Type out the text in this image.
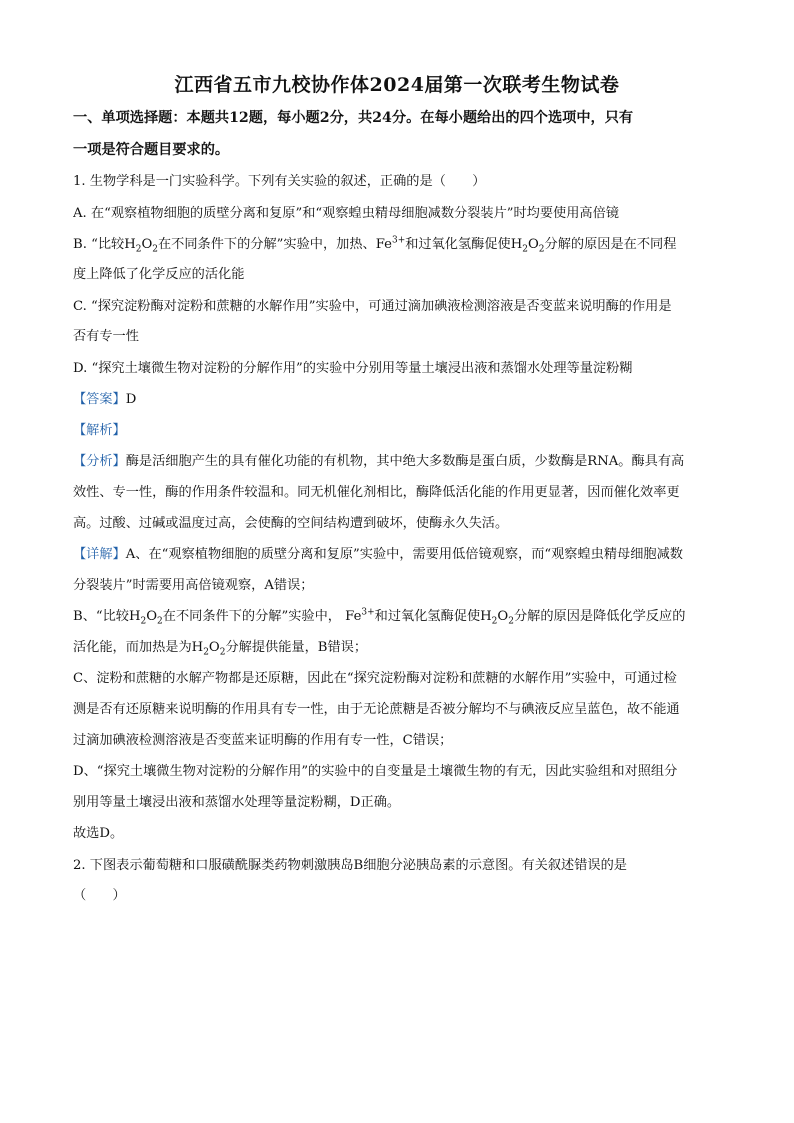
江西省五市九校协作体2024届第一次联考生物试卷
一、单项选择题：本题共12题，每小题2分，共24分。在每小题给出的四个选项中，只有
一项是符合题目要求的。
1. 生物学科是一门实验科学。下列有关实验的叙述，正确的是（　　）
A. 在“观察植物细胞的质壁分离和复原”和“观察蝗虫精母细胞减数分裂装片”时均要使用高倍镜
B. “比较$H_2O_2$在不同条件下的分解”实验中，加热、$Fe^{3+}$和过氧化氢酶促使$H_2O_2$分解的原因是在不同程
度上降低了化学反应的活化能
C. “探究淀粉酶对淀粉和蔗糖的水解作用”实验中，可通过滴加碘液检测溶液是否变蓝来说明酶的作用是
否有专一性
D. “探究土壤微生物对淀粉的分解作用”的实验中分别用等量土壤浸出液和蒸馏水处理等量淀粉糊
【答案】D
【解析】
【分析】酶是活细胞产生的具有催化功能的有机物，其中绝大多数酶是蛋白质，少数酶是RNA。酶具有高
效性、专一性，酶的作用条件较温和。同无机催化剂相比，酶降低活化能的作用更显著，因而催化效率更
高。过酸、过碱或温度过高，会使酶的空间结构遭到破坏，使酶永久失活。
【详解】A、在“观察植物细胞的质壁分离和复原”实验中，需要用低倍镜观察，而“观察蝗虫精母细胞减数
分裂装片”时需要用高倍镜观察，A错误；
B、“比较$H_2O_2$在不同条件下的分解”实验中， $Fe^{3+}$和过氧化氢酶促使$H_2O_2$分解的原因是降低化学反应的
活化能，而加热是为$H_2O_2$分解提供能量，B错误；
C、淀粉和蔗糖的水解产物都是还原糖，因此在“探究淀粉酶对淀粉和蔗糖的水解作用”实验中，可通过检
测是否有还原糖来说明酶的作用具有专一性，由于无论蔗糖是否被分解均不与碘液反应呈蓝色，故不能通
过滴加碘液检测溶液是否变蓝来证明酶的作用有专一性，C错误；
D、“探究土壤微生物对淀粉的分解作用”的实验中的自变量是土壤微生物的有无，因此实验组和对照组分
别用等量土壤浸出液和蒸馏水处理等量淀粉糊，D正确。
故选D。
2. 下图表示葡萄糖和口服磺酰脲类药物刺激胰岛B细胞分泌胰岛素的示意图。有关叙述错误的是
（　　）
